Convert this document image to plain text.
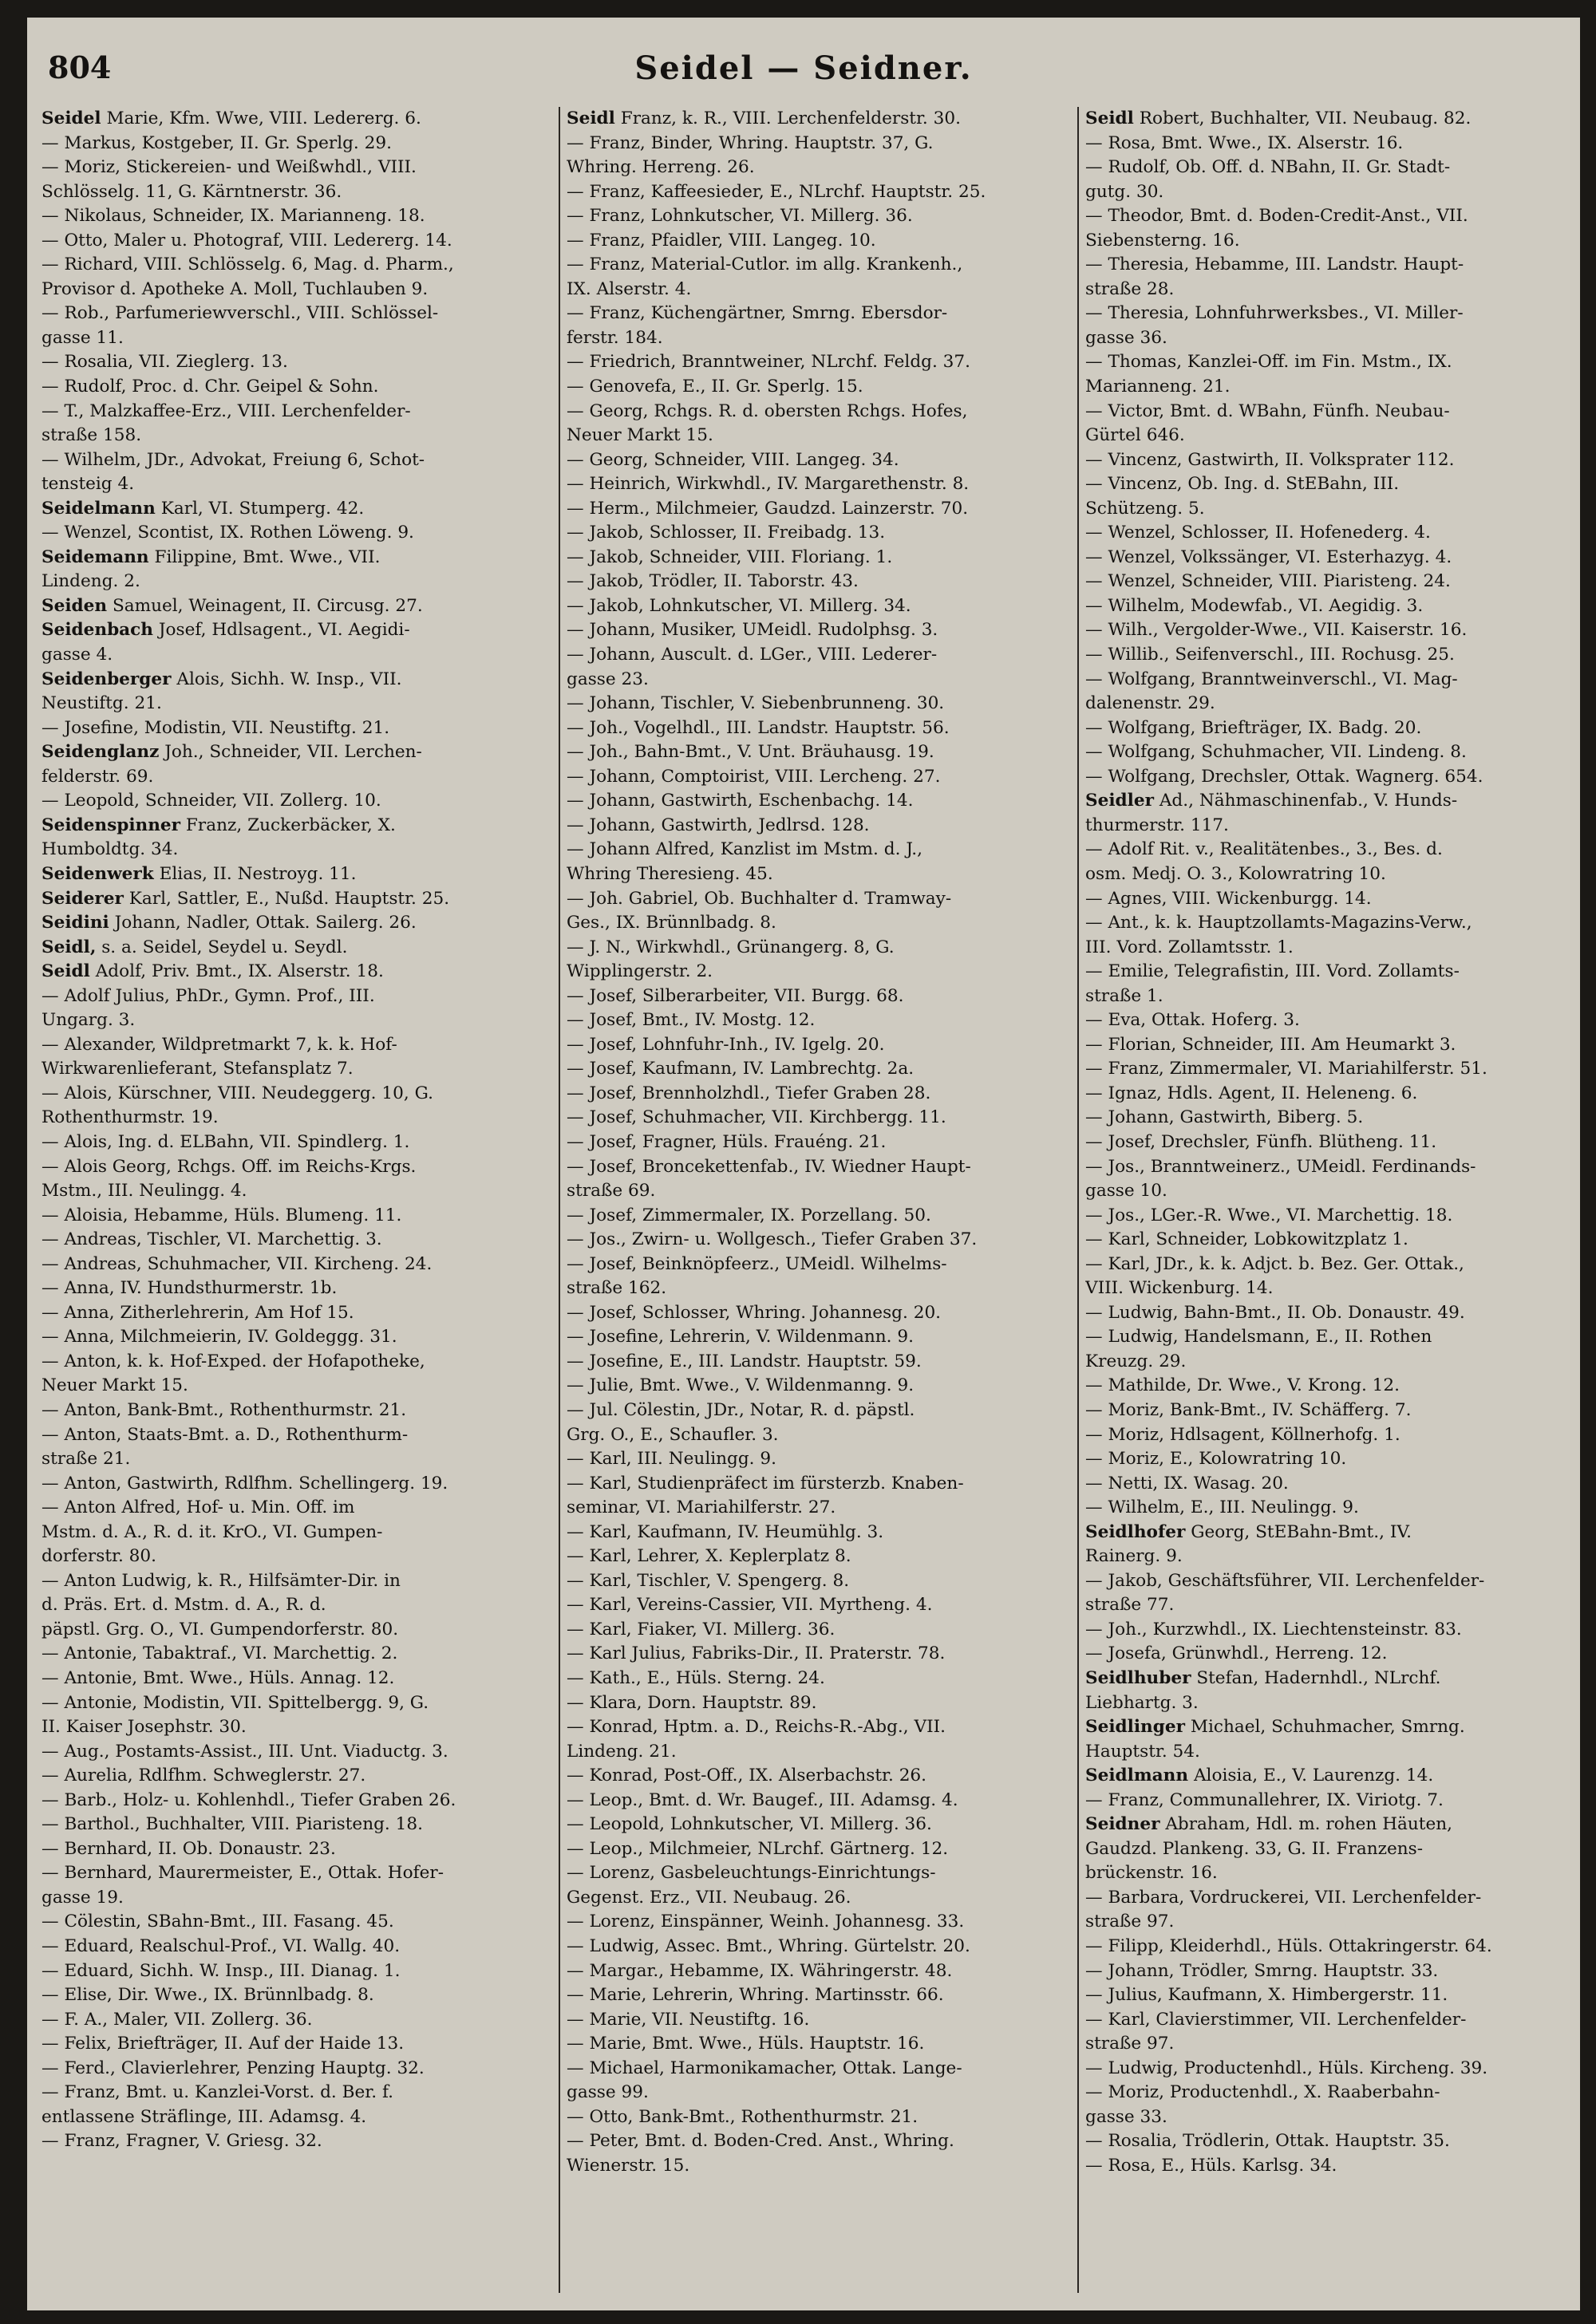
804	Seidel — Seidner.
Seidel Marie, Kfm. Wwe, VIII. Ledererg. 6.
— Markus, Kostgeber, II. Gr. Sperlg. 29.
— Moriz, Stickereien- und Weißwhdl., VIII.
Schlösselg. 11, G. Kärntnerstr. 36.
— Nikolaus, Schneider, IX. Marianneng. 18.
— Otto, Maler u. Photograf, VIII. Ledererg. 14.
— Richard, VIII. Schlösselg. 6, Mag. d. Pharm.,
Provisor d. Apotheke A. Moll, Tuchlauben 9.
— Rob., Parfumeriewverschl., VIII. Schlössel-
gasse 11.
— Rosalia, VII. Zieglerg. 13.
— Rudolf, Proc. d. Chr. Geipel & Sohn.
— T., Malzkaffee-Erz., VIII. Lerchenfelder-
straße 158.
— Wilhelm, JDr., Advokat, Freiung 6, Schot-
tensteig 4.
Seidelmann Karl, VI. Stumperg. 42.
— Wenzel, Scontist, IX. Rothen Löweng. 9.
Seidemann Filippine, Bmt. Wwe., VII.
Lindeng. 2.
Seiden Samuel, Weinagent, II. Circusg. 27.
Seidenbach Josef, Hdlsagent., VI. Aegidi-
gasse 4.
Seidenberger Alois, Sichh. W. Insp., VII.
Neustiftg. 21.
— Josefine, Modistin, VII. Neustiftg. 21.
Seidenglanz Joh., Schneider, VII. Lerchen-
felderstr. 69.
— Leopold, Schneider, VII. Zollerg. 10.
Seidenspinner Franz, Zuckerbäcker, X.
Humboldtg. 34.
Seidenwerk Elias, II. Nestroyg. 11.
Seiderer Karl, Sattler, E., Nußd. Hauptstr. 25.
Seidini Johann, Nadler, Ottak. Sailerg. 26.
Seidl, s. a. Seidel, Seydel u. Seydl.
Seidl Adolf, Priv. Bmt., IX. Alserstr. 18.
— Adolf Julius, PhDr., Gymn. Prof., III.
Ungarg. 3.
— Alexander, Wildpretmarkt 7, k. k. Hof-
Wirkwarenlieferant, Stefansplatz 7.
— Alois, Kürschner, VIII. Neudeggerg. 10, G.
Rothenthurmstr. 19.
— Alois, Ing. d. ELBahn, VII. Spindlerg. 1.
— Alois Georg, Rchgs. Off. im Reichs-Krgs.
Mstm., III. Neulingg. 4.
— Aloisia, Hebamme, Hüls. Blumeng. 11.
— Andreas, Tischler, VI. Marchettig. 3.
— Andreas, Schuhmacher, VII. Kircheng. 24.
— Anna, IV. Hundsthurmerstr. 1b.
— Anna, Zitherlehrerin, Am Hof 15.
— Anna, Milchmeierin, IV. Goldeggg. 31.
— Anton, k. k. Hof-Exped. der Hofapotheke,
Neuer Markt 15.
— Anton, Bank-Bmt., Rothenthurmstr. 21.
— Anton, Staats-Bmt. a. D., Rothenthurm-
straße 21.
— Anton, Gastwirth, Rdlfhm. Schellingerg. 19.
— Anton Alfred, Hof- u. Min. Off. im
Mstm. d. A., R. d. it. KrO., VI. Gumpen-
dorferstr. 80.
— Anton Ludwig, k. R., Hilfsämter-Dir. in
d. Präs. Ert. d. Mstm. d. A., R. d.
päpstl. Grg. O., VI. Gumpendorferstr. 80.
— Antonie, Tabaktraf., VI. Marchettig. 2.
— Antonie, Bmt. Wwe., Hüls. Annag. 12.
— Antonie, Modistin, VII. Spittelbergg. 9, G.
II. Kaiser Josephstr. 30.
— Aug., Postamts-Assist., III. Unt. Viaductg. 3.
— Aurelia, Rdlfhm. Schweglerstr. 27.
— Barb., Holz- u. Kohlenhdl., Tiefer Graben 26.
— Barthol., Buchhalter, VIII. Piaristeng. 18.
— Bernhard, II. Ob. Donaustr. 23.
— Bernhard, Maurermeister, E., Ottak. Hofer-
gasse 19.
— Cölestin, SBahn-Bmt., III. Fasang. 45.
— Eduard, Realschul-Prof., VI. Wallg. 40.
— Eduard, Sichh. W. Insp., III. Dianag. 1.
— Elise, Dir. Wwe., IX. Brünnlbadg. 8.
— F. A., Maler, VII. Zollerg. 36.
— Felix, Briefträger, II. Auf der Haide 13.
— Ferd., Clavierlehrer, Penzing Hauptg. 32.
— Franz, Bmt. u. Kanzlei-Vorst. d. Ber. f.
entlassene Sträflinge, III. Adamsg. 4.
— Franz, Fragner, V. Griesg. 32.
Seidl Franz, k. R., VIII. Lerchenfelderstr. 30.
— Franz, Binder, Whring. Hauptstr. 37, G.
Whring. Herreng. 26.
— Franz, Kaffeesieder, E., NLrchf. Hauptstr. 25.
— Franz, Lohnkutscher, VI. Millerg. 36.
— Franz, Pfaidler, VIII. Langeg. 10.
— Franz, Material-Cutlor. im allg. Krankenh.,
IX. Alserstr. 4.
— Franz, Küchengärtner, Smrng. Ebersdor-
ferstr. 184.
— Friedrich, Branntweiner, NLrchf. Feldg. 37.
— Genovefa, E., II. Gr. Sperlg. 15.
— Georg, Rchgs. R. d. obersten Rchgs. Hofes,
Neuer Markt 15.
— Georg, Schneider, VIII. Langeg. 34.
— Heinrich, Wirkwhdl., IV. Margarethenstr. 8.
— Herm., Milchmeier, Gaudzd. Lainzerstr. 70.
— Jakob, Schlosser, II. Freibadg. 13.
— Jakob, Schneider, VIII. Floriang. 1.
— Jakob, Trödler, II. Taborstr. 43.
— Jakob, Lohnkutscher, VI. Millerg. 34.
— Johann, Musiker, UMeidl. Rudolphsg. 3.
— Johann, Auscult. d. LGer., VIII. Lederer-
gasse 23.
— Johann, Tischler, V. Siebenbrunneng. 30.
— Joh., Vogelhdl., III. Landstr. Hauptstr. 56.
— Joh., Bahn-Bmt., V. Unt. Bräuhausg. 19.
— Johann, Comptoirist, VIII. Lercheng. 27.
— Johann, Gastwirth, Eschenbachg. 14.
— Johann, Gastwirth, Jedlrsd. 128.
— Johann Alfred, Kanzlist im Mstm. d. J.,
Whring Theresieng. 45.
— Joh. Gabriel, Ob. Buchhalter d. Tramway-
Ges., IX. Brünnlbadg. 8.
— J. N., Wirkwhdl., Grünangerg. 8, G.
Wipplingerstr. 2.
— Josef, Silberarbeiter, VII. Burgg. 68.
— Josef, Bmt., IV. Mostg. 12.
— Josef, Lohnfuhr-Inh., IV. Igelg. 20.
— Josef, Kaufmann, IV. Lambrechtg. 2a.
— Josef, Brennholzhdl., Tiefer Graben 28.
— Josef, Schuhmacher, VII. Kirchbergg. 11.
— Josef, Fragner, Hüls. Frauéng. 21.
— Josef, Broncekettenfab., IV. Wiedner Haupt-
straße 69.
— Josef, Zimmermaler, IX. Porzellang. 50.
— Jos., Zwirn- u. Wollgesch., Tiefer Graben 37.
— Josef, Beinknöpfeerz., UMeidl. Wilhelms-
straße 162.
— Josef, Schlosser, Whring. Johannesg. 20.
— Josefine, Lehrerin, V. Wildenmann. 9.
— Josefine, E., III. Landstr. Hauptstr. 59.
— Julie, Bmt. Wwe., V. Wildenmanng. 9.
— Jul. Cölestin, JDr., Notar, R. d. päpstl.
Grg. O., E., Schaufler. 3.
— Karl, III. Neulingg. 9.
— Karl, Studienpräfect im fürsterzb. Knaben-
seminar, VI. Mariahilferstr. 27.
— Karl, Kaufmann, IV. Heumühlg. 3.
— Karl, Lehrer, X. Keplerplatz 8.
— Karl, Tischler, V. Spengerg. 8.
— Karl, Vereins-Cassier, VII. Myrtheng. 4.
— Karl, Fiaker, VI. Millerg. 36.
— Karl Julius, Fabriks-Dir., II. Praterstr. 78.
— Kath., E., Hüls. Sterng. 24.
— Klara, Dorn. Hauptstr. 89.
— Konrad, Hptm. a. D., Reichs-R.-Abg., VII.
Lindeng. 21.
— Konrad, Post-Off., IX. Alserbachstr. 26.
— Leop., Bmt. d. Wr. Baugef., III. Adamsg. 4.
— Leopold, Lohnkutscher, VI. Millerg. 36.
— Leop., Milchmeier, NLrchf. Gärtnerg. 12.
— Lorenz, Gasbeleuchtungs-Einrichtungs-
Gegenst. Erz., VII. Neubaug. 26.
— Lorenz, Einspänner, Weinh. Johannesg. 33.
— Ludwig, Assec. Bmt., Whring. Gürtelstr. 20.
— Margar., Hebamme, IX. Währingerstr. 48.
— Marie, Lehrerin, Whring. Martinsstr. 66.
— Marie, VII. Neustiftg. 16.
— Marie, Bmt. Wwe., Hüls. Hauptstr. 16.
— Michael, Harmonikamacher, Ottak. Lange-
gasse 99.
— Otto, Bank-Bmt., Rothenthurmstr. 21.
— Peter, Bmt. d. Boden-Cred. Anst., Whring.
Wienerstr. 15.
Seidl Robert, Buchhalter, VII. Neubaug. 82.
— Rosa, Bmt. Wwe., IX. Alserstr. 16.
— Rudolf, Ob. Off. d. NBahn, II. Gr. Stadt-
gutg. 30.
— Theodor, Bmt. d. Boden-Credit-Anst., VII.
Siebensterng. 16.
— Theresia, Hebamme, III. Landstr. Haupt-
straße 28.
— Theresia, Lohnfuhrwerksbes., VI. Miller-
gasse 36.
— Thomas, Kanzlei-Off. im Fin. Mstm., IX.
Marianneng. 21.
— Victor, Bmt. d. WBahn, Fünfh. Neubau-
Gürtel 646.
— Vincenz, Gastwirth, II. Volksprater 112.
— Vincenz, Ob. Ing. d. StEBahn, III.
Schützeng. 5.
— Wenzel, Schlosser, II. Hofenederg. 4.
— Wenzel, Volkssänger, VI. Esterhazyg. 4.
— Wenzel, Schneider, VIII. Piaristeng. 24.
— Wilhelm, Modewfab., VI. Aegidig. 3.
— Wilh., Vergolder-Wwe., VII. Kaiserstr. 16.
— Willib., Seifenverschl., III. Rochusg. 25.
— Wolfgang, Branntweinverschl., VI. Mag-
dalenenstr. 29.
— Wolfgang, Briefträger, IX. Badg. 20.
— Wolfgang, Schuhmacher, VII. Lindeng. 8.
— Wolfgang, Drechsler, Ottak. Wagnerg. 654.
Seidler Ad., Nähmaschinenfab., V. Hunds-
thurmerstr. 117.
— Adolf Rit. v., Realitätenbes., 3., Bes. d.
osm. Medj. O. 3., Kolowratring 10.
— Agnes, VIII. Wickenburgg. 14.
— Ant., k. k. Hauptzollamts-Magazins-Verw.,
III. Vord. Zollamtsstr. 1.
— Emilie, Telegrafistin, III. Vord. Zollamts-
straße 1.
— Eva, Ottak. Hoferg. 3.
— Florian, Schneider, III. Am Heumarkt 3.
— Franz, Zimmermaler, VI. Mariahilferstr. 51.
— Ignaz, Hdls. Agent, II. Heleneng. 6.
— Johann, Gastwirth, Biberg. 5.
— Josef, Drechsler, Fünfh. Blütheng. 11.
— Jos., Branntweinerz., UMeidl. Ferdinands-
gasse 10.
— Jos., LGer.-R. Wwe., VI. Marchettig. 18.
— Karl, Schneider, Lobkowitzplatz 1.
— Karl, JDr., k. k. Adjct. b. Bez. Ger. Ottak.,
VIII. Wickenburg. 14.
— Ludwig, Bahn-Bmt., II. Ob. Donaustr. 49.
— Ludwig, Handelsmann, E., II. Rothen
Kreuzg. 29.
— Mathilde, Dr. Wwe., V. Krong. 12.
— Moriz, Bank-Bmt., IV. Schäfferg. 7.
— Moriz, Hdlsagent, Köllnerhofg. 1.
— Moriz, E., Kolowratring 10.
— Netti, IX. Wasag. 20.
— Wilhelm, E., III. Neulingg. 9.
Seidlhofer Georg, StEBahn-Bmt., IV.
Rainerg. 9.
— Jakob, Geschäftsführer, VII. Lerchenfelder-
straße 77.
— Joh., Kurzwhdl., IX. Liechtensteinstr. 83.
— Josefa, Grünwhdl., Herreng. 12.
Seidlhuber Stefan, Hadernhdl., NLrchf.
Liebhartg. 3.
Seidlinger Michael, Schuhmacher, Smrng.
Hauptstr. 54.
Seidlmann Aloisia, E., V. Laurenzg. 14.
— Franz, Communallehrer, IX. Viriotg. 7.
Seidner Abraham, Hdl. m. rohen Häuten,
Gaudzd. Plankeng. 33, G. II. Franzens-
brückenstr. 16.
— Barbara, Vordruckerei, VII. Lerchenfelder-
straße 97.
— Filipp, Kleiderhdl., Hüls. Ottakringerstr. 64.
— Johann, Trödler, Smrng. Hauptstr. 33.
— Julius, Kaufmann, X. Himbergerstr. 11.
— Karl, Clavierstimmer, VII. Lerchenfelder-
straße 97.
— Ludwig, Productenhdl., Hüls. Kircheng. 39.
— Moriz, Productenhdl., X. Raaberbahn-
gasse 33.
— Rosalia, Trödlerin, Ottak. Hauptstr. 35.
— Rosa, E., Hüls. Karlsg. 34.
